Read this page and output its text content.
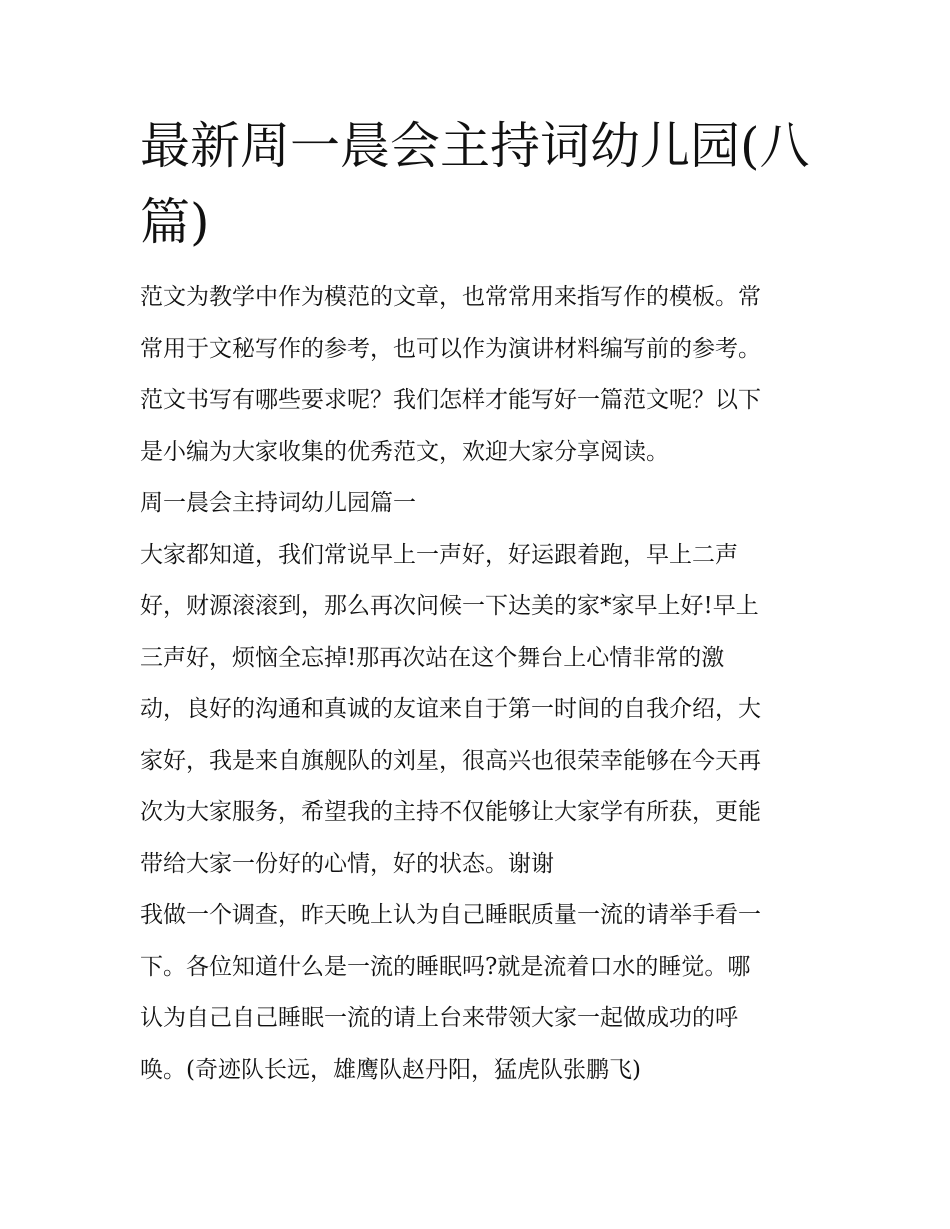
最新周一晨会主持词幼儿园(八
篇)
范文为教学中作为模范的文章，也常常用来指写作的模板。常
常用于文秘写作的参考，也可以作为演讲材料编写前的参考。
范文书写有哪些要求呢？我们怎样才能写好一篇范文呢？以下
是小编为大家收集的优秀范文，欢迎大家分享阅读。
周一晨会主持词幼儿园篇一
大家都知道，我们常说早上一声好，好运跟着跑，早上二声
好，财源滚滚到，那么再次问候一下达美的家*家早上好!早上
三声好，烦恼全忘掉!那再次站在这个舞台上心情非常的激
动，良好的沟通和真诚的友谊来自于第一时间的自我介绍，大
家好，我是来自旗舰队的刘星，很高兴也很荣幸能够在今天再
次为大家服务，希望我的主持不仅能够让大家学有所获，更能
带给大家一份好的心情，好的状态。谢谢
我做一个调查，昨天晚上认为自己睡眠质量一流的请举手看一
下。各位知道什么是一流的睡眠吗?就是流着口水的睡觉。哪
认为自己自己睡眠一流的请上台来带领大家一起做成功的呼
唤。(奇迹队长远，雄鹰队赵丹阳，猛虎队张鹏飞)
